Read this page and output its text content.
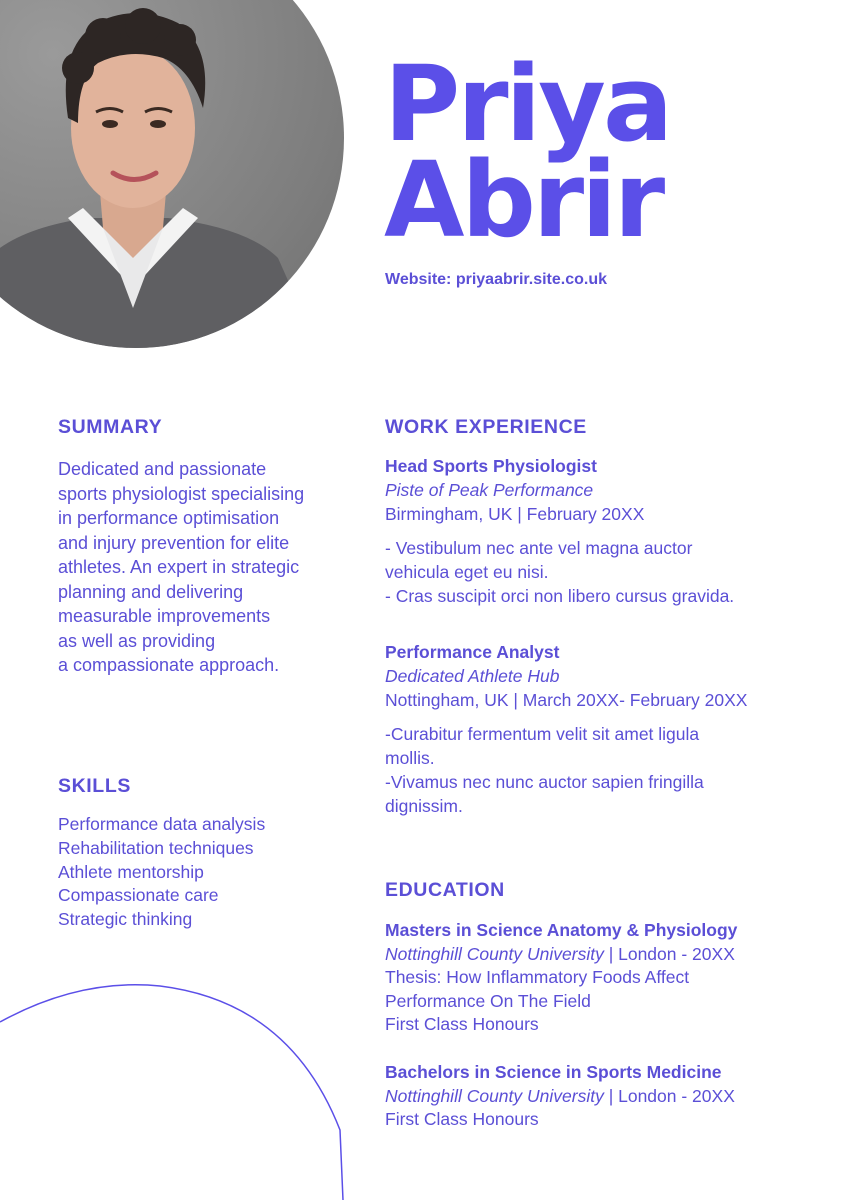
Priya
Abrir
Website: priyaabrir.site.co.uk
SUMMARY
Dedicated and passionate
sports physiologist specialising
in performance optimisation
and injury prevention for elite
athletes. An expert in strategic
planning and delivering
measurable improvements
as well as providing
a compassionate approach.
SKILLS
Performance data analysis
Rehabilitation techniques
Athlete mentorship
Compassionate care
Strategic thinking
WORK EXPERIENCE
Head Sports Physiologist
Piste of Peak Performance
Birmingham, UK | February 20XX
- Vestibulum nec ante vel magna auctor
vehicula eget eu nisi.
- Cras suscipit orci non libero cursus gravida.
Performance Analyst
Dedicated Athlete Hub
Nottingham, UK | March 20XX- February 20XX
-Curabitur fermentum velit sit amet ligula
mollis.
-Vivamus nec nunc auctor sapien fringilla
dignissim.
EDUCATION
Masters in Science Anatomy & Physiology
Nottinghill County University | London - 20XX
Thesis: How Inflammatory Foods Affect
Performance On The Field
First Class Honours
Bachelors in Science in Sports Medicine
Nottinghill County University | London - 20XX
First Class Honours
